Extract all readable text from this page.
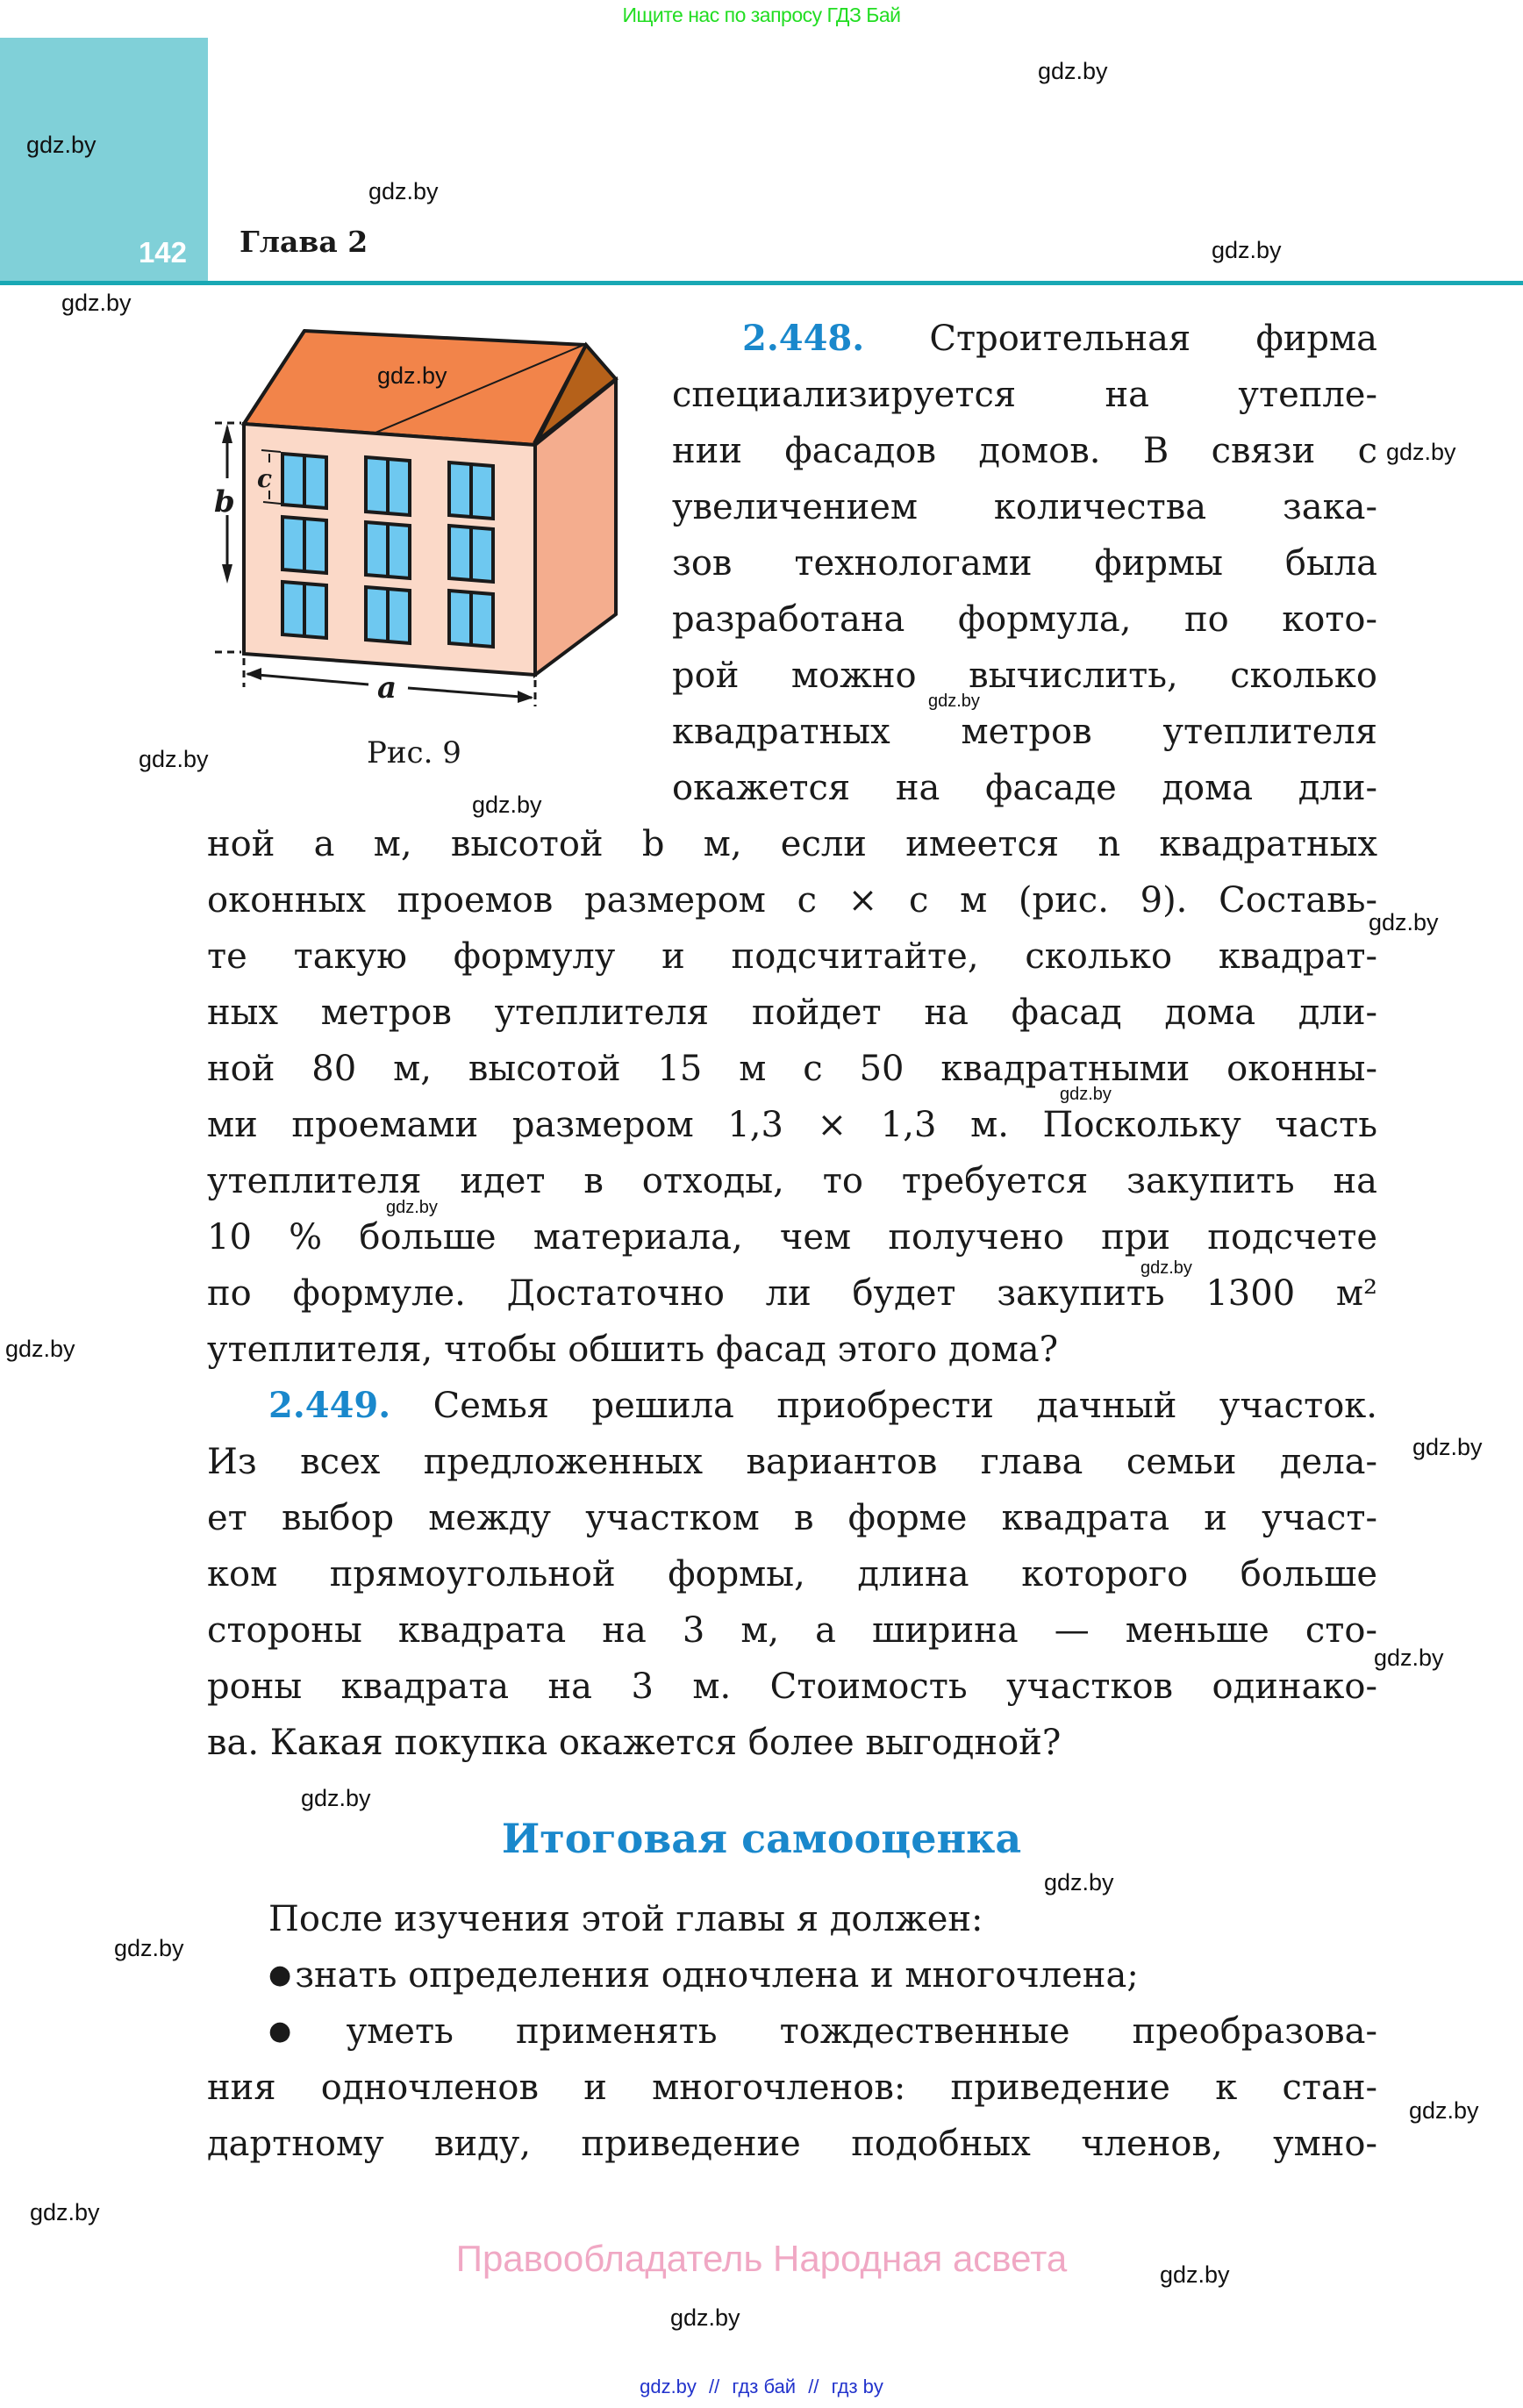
Ищите нас по запросу ГДЗ Бай
142 Глава 2
b
c
a
gdz.by
Рис. 9
2.448. Строительная фирма
специализируется на утепле-
нии фасадов домов. В связи с
увеличением количества зака-
зов технологами фирмы была
разработана формула, по кото-
рой можно вычислить, сколько
квадратных метров утеплителя
окажется на фасаде дома дли-
ной a м, высотой b м, если имеется n квадратных
оконных проемов размером c × c м (рис. 9). Составь-
те такую формулу и подсчитайте, сколько квадрат-
ных метров утеплителя пойдет на фасад дома дли-
ной 80 м, высотой 15 м с 50 квадратными оконны-
ми проемами размером 1,3 × 1,3 м. Поскольку часть
утеплителя идет в отходы, то требуется закупить на
10 % больше материала, чем получено при подсчете
по формуле. Достаточно ли будет закупить 1300 м²
утеплителя, чтобы обшить фасад этого дома?
2.449. Семья решила приобрести дачный участок.
Из всех предложенных вариантов глава семьи дела-
ет выбор между участком в форме квадрата и участ-
ком прямоугольной формы, длина которого больше
стороны квадрата на 3 м, а ширина — меньше сто-
роны квадрата на 3 м. Стоимость участков одинако-
ва. Какая покупка окажется более выгодной?
Итоговая самооценка
После изучения этой главы я должен:
● знать определения одночлена и многочлена;
● уметь применять тождественные преобразова-
ния одночленов и многочленов: приведение к стан-
дартному виду, приведение подобных членов, умно-
Правообладатель Народная асвета
gdz.by // гдз бай // гдз by
gdz.by
gdz.by
gdz.by
gdz.by
gdz.by
gdz.by
gdz.by
gdz.by
gdz.by
gdz.by
gdz.by
gdz.by
gdz.by
gdz.by
gdz.by
gdz.by
gdz.by
gdz.by
gdz.by
gdz.by
gdz.by
gdz.by
gdz.by
